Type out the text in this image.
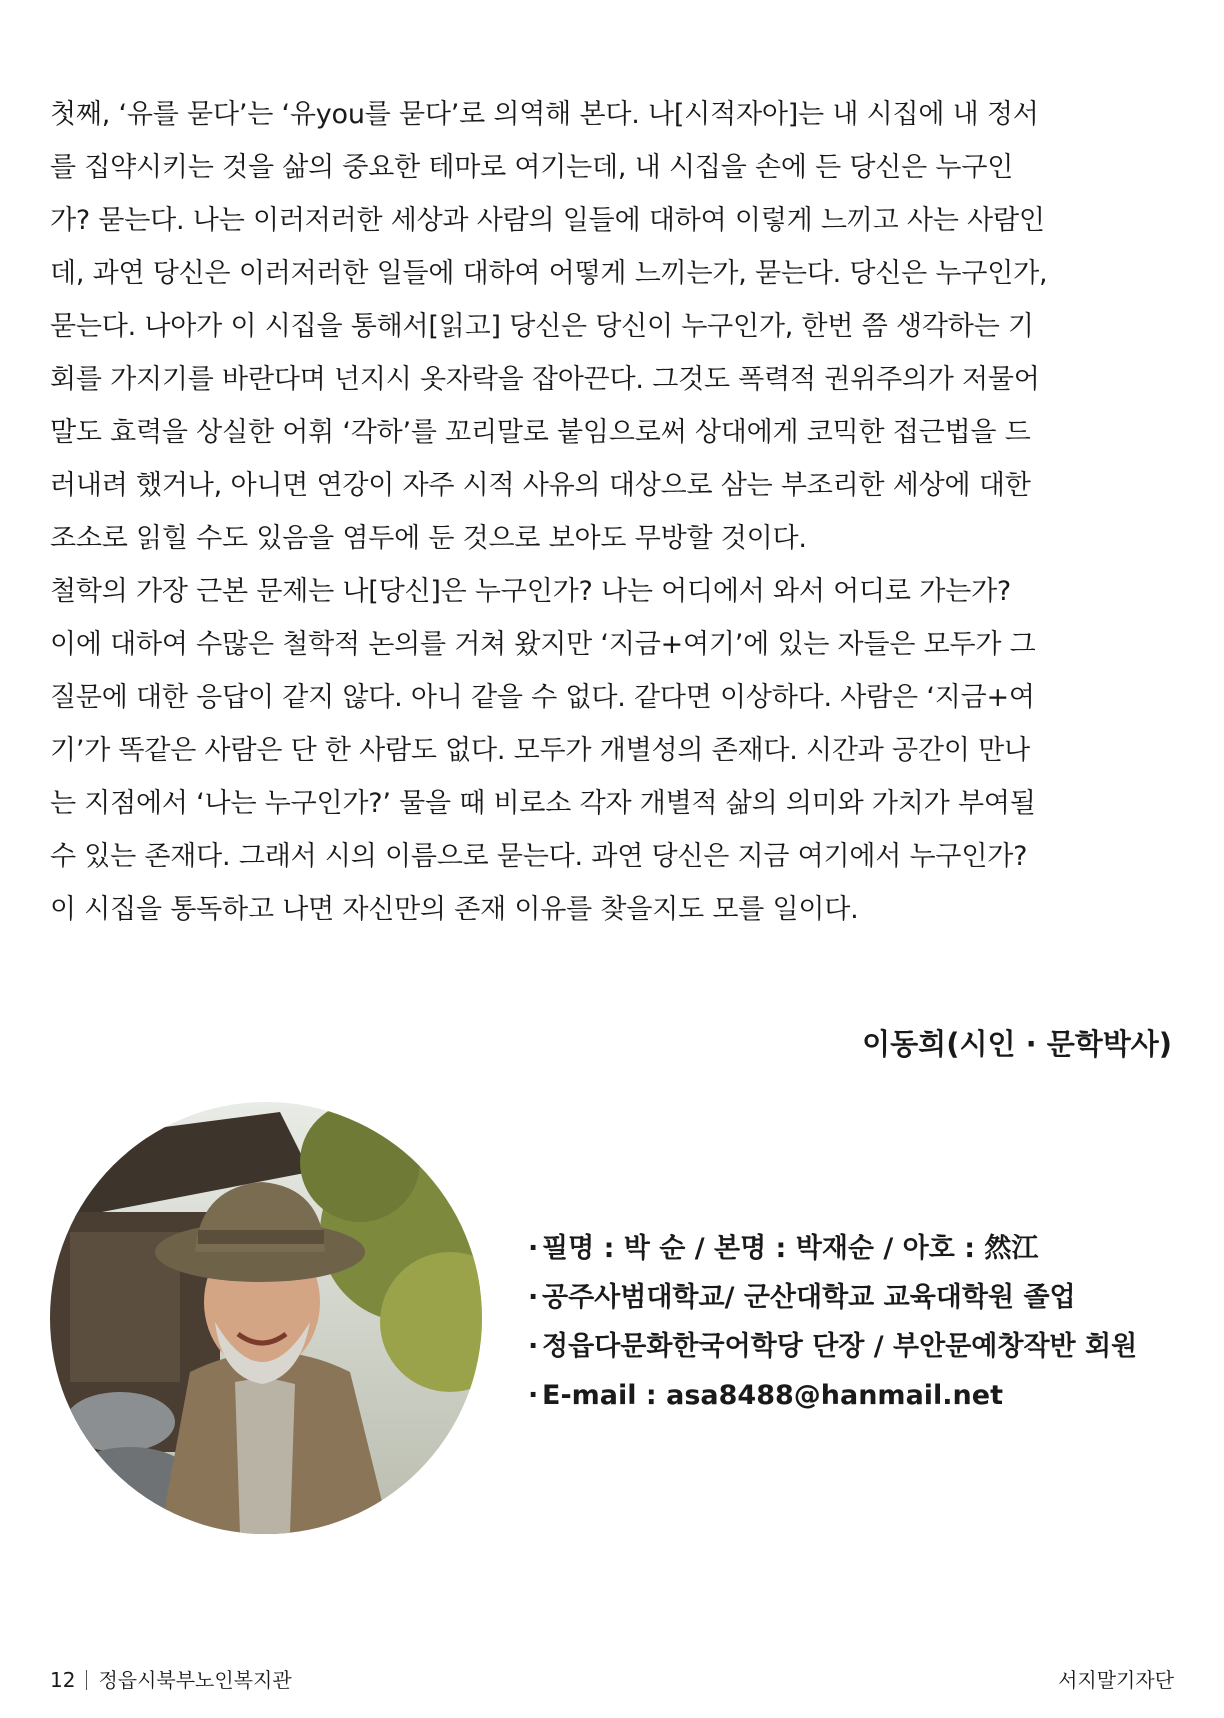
첫째, ‘유를 묻다’는 ‘유you를 묻다’로 의역해 본다. 나[시적자아]는 내 시집에 내 정서
를 집약시키는 것을 삶의 중요한 테마로 여기는데, 내 시집을 손에 든 당신은 누구인
가? 묻는다. 나는 이러저러한 세상과 사람의 일들에 대하여 이렇게 느끼고 사는 사람인
데, 과연 당신은 이러저러한 일들에 대하여 어떻게 느끼는가, 묻는다. 당신은 누구인가,
묻는다. 나아가 이 시집을 통해서[읽고] 당신은 당신이 누구인가, 한번 쯤 생각하는 기
회를 가지기를 바란다며 넌지시 옷자락을 잡아끈다. 그것도 폭력적 권위주의가 저물어
말도 효력을 상실한 어휘 ‘각하’를 꼬리말로 붙임으로써 상대에게 코믹한 접근법을 드
러내려 했거나, 아니면 연강이 자주 시적 사유의 대상으로 삼는 부조리한 세상에 대한
조소로 읽힐 수도 있음을 염두에 둔 것으로 보아도 무방할 것이다.

철학의 가장 근본 문제는 나[당신]은 누구인가? 나는 어디에서 와서 어디로 가는가?
이에 대하여 수많은 철학적 논의를 거쳐 왔지만 ‘지금+여기’에 있는 자들은 모두가 그
질문에 대한 응답이 같지 않다. 아니 같을 수 없다. 같다면 이상하다. 사람은 ‘지금+여
기’가 똑같은 사람은 단 한 사람도 없다. 모두가 개별성의 존재다. 시간과 공간이 만나
는 지점에서 ‘나는 누구인가?’ 물을 때 비로소 각자 개별적 삶의 의미와 가치가 부여될
수 있는 존재다. 그래서 시의 이름으로 묻는다. 과연 당신은 지금 여기에서 누구인가?
이 시집을 통독하고 나면 자신만의 존재 이유를 찾을지도 모를 일이다.

이동희(시인 · 문학박사)
· 필명 : 박 순 / 본명 : 박재순 / 아호 : 然江
· 공주사범대학교/ 군산대학교 교육대학원 졸업
· 정읍다문화한국어학당 단장 / 부안문예창작반 회원
· E-mail : asa8488@hanmail.net
12 정읍시북부노인복지관	서지말기자단
